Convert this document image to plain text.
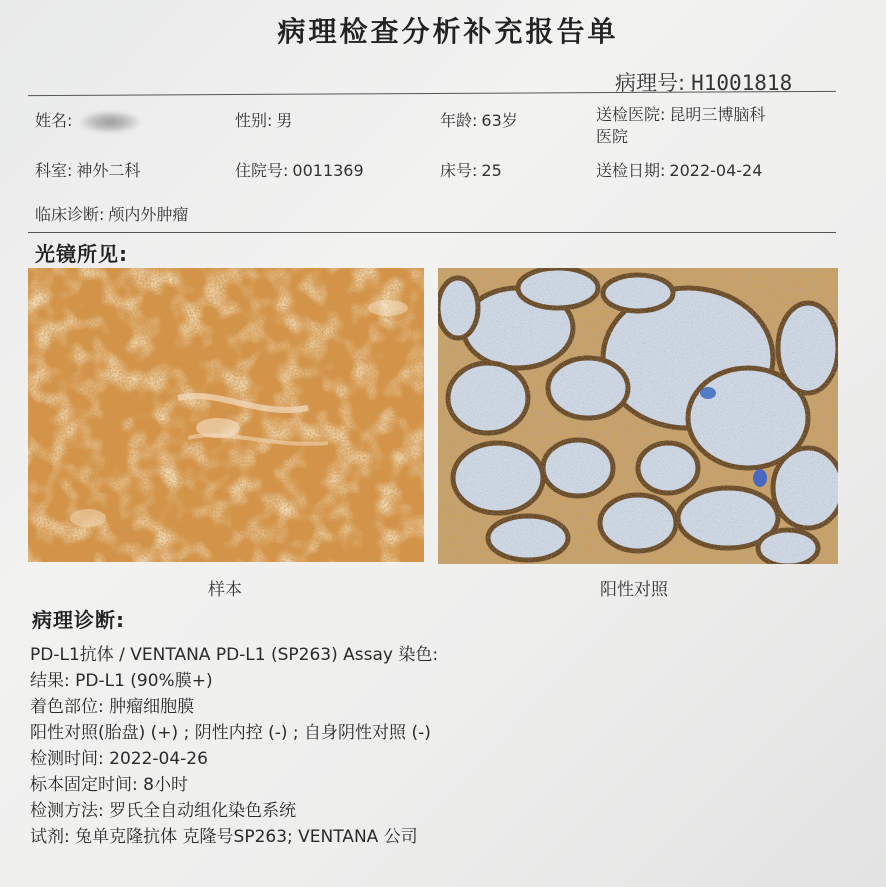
病理检查分析补充报告单
病理号: H1001818
姓名:	性别: 男	年龄: 63岁	送检医院: 昆明三博脑科
医院
科室: 神外二科	住院号: 0011369	床号: 25	送检日期: 2022-04-24
临床诊断: 颅内外肿瘤
光镜所见:
样本	阳性对照
病理诊断:
PD-L1抗体 / VENTANA PD-L1 (SP263) Assay 染色:
结果: PD-L1 (90%膜+)
着色部位: 肿瘤细胞膜
阳性对照(胎盘) (+) ; 阴性内控 (-) ; 自身阴性对照 (-)
检测时间: 2022-04-26
标本固定时间: 8小时
检测方法: 罗氏全自动组化染色系统
试剂: 兔单克隆抗体 克隆号SP263; VENTANA 公司
